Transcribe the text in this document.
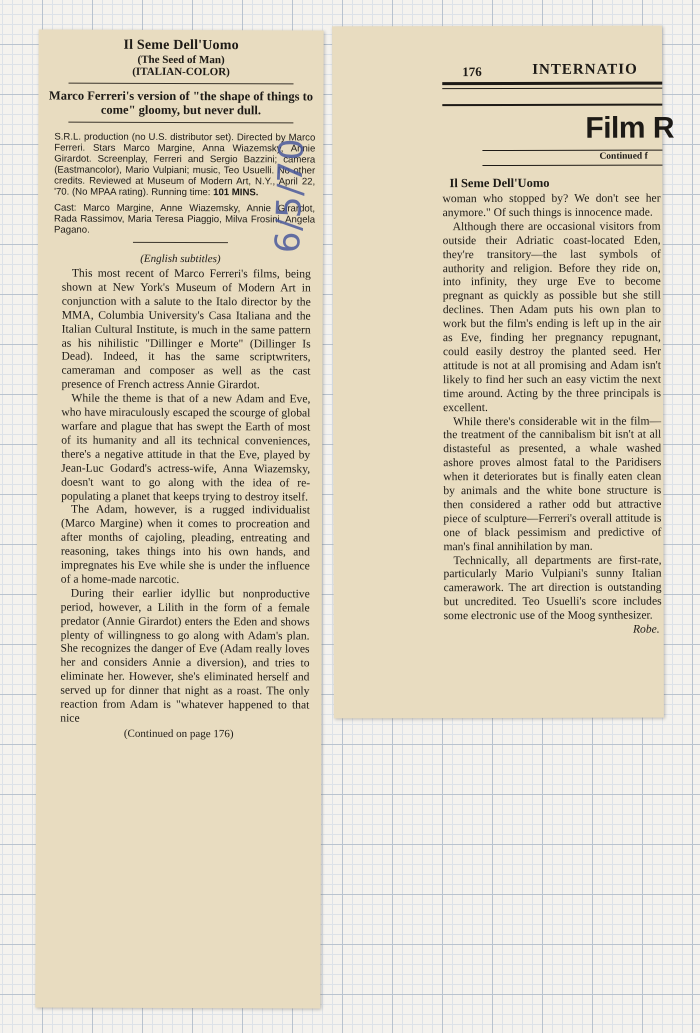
Il Seme Dell'Uomo
(The Seed of Man)
(ITALIAN-COLOR)
Marco Ferreri's version of "the shape of things to come" gloomy, but never dull.
S.R.L. production (no U.S. distributor set). Directed by Marco Ferreri. Stars Marco Margine, Anna Wiazemsky, Annie Girardot. Screenplay, Ferreri and Sergio Bazzini; camera (Eastmancolor), Mario Vulpiani; music, Teo Usuelli. No other credits. Reviewed at Museum of Modern Art, N.Y., April 22, '70. (No MPAA rating). Running time: 101 MINS.
Cast: Marco Margine, Anne Wiazemsky, Annie Girardot, Rada Rassimov, Maria Teresa Piaggio, Milva Frosini, Angela Pagano.
(English subtitles)

This most recent of Marco Ferreri's films, being shown at New York's Museum of Modern Art in conjunction with a salute to the Italo director by the MMA, Columbia University's Casa Italiana and the Italian Cultural Institute, is much in the same pattern as his nihilistic "Dillinger e Morte" (Dillinger Is Dead). Indeed, it has the same scriptwriters, cameraman and composer as well as the cast presence of French actress Annie Girardot.

While the theme is that of a new Adam and Eve, who have miraculously escaped the scourge of global warfare and plague that has swept the Earth of most of its humanity and all its technical conveniences, there's a negative attitude in that the Eve, played by Jean-Luc Godard's actress-wife, Anna Wiazemsky, doesn't want to go along with the idea of re-populating a planet that keeps trying to destroy itself.

The Adam, however, is a rugged individualist (Marco Margine) when it comes to procreation and after months of cajoling, pleading, entreating and reasoning, takes things into his own hands, and impregnates his Eve while she is under the influence of a home-made narcotic.

During their earlier idyllic but nonproductive period, however, a Lilith in the form of a female predator (Annie Girardot) enters the Eden and shows plenty of willingness to go along with Adam's plan. She recognizes the danger of Eve (Adam really loves her and considers Annie a diversion), and tries to eliminate her. However, she's eliminated herself and served up for dinner that night as a roast. The only reaction from Adam is "whatever happened to that nice

(Continued on page 176)
6/5/70
176	INTERNATIO
Film R
Continued f
Il Seme Dell'Uomo

woman who stopped by? We don't see her anymore." Of such things is innocence made.

Although there are occasional visitors from outside their Adriatic coast-located Eden, they're transitory—the last symbols of authority and religion. Before they ride on, into infinity, they urge Eve to become pregnant as quickly as possible but she still declines. Then Adam puts his own plan to work but the film's ending is left up in the air as Eve, finding her pregnancy repugnant, could easily destroy the planted seed. Her attitude is not at all promising and Adam isn't likely to find her such an easy victim the next time around. Acting by the three principals is excellent.

While there's considerable wit in the film—the treatment of the cannibalism bit isn't at all distasteful as presented, a whale washed ashore proves almost fatal to the Paridisers when it deteriorates but is finally eaten clean by animals and the white bone structure is then considered a rather odd but attractive piece of sculpture—Ferreri's overall attitude is one of black pessimism and predictive of man's final annihilation by man.

Technically, all departments are first-rate, particularly Mario Vulpiani's sunny Italian camerawork. The art direction is outstanding but uncredited. Teo Usuelli's score includes some electronic use of the Moog synthesizer.
Robe.
